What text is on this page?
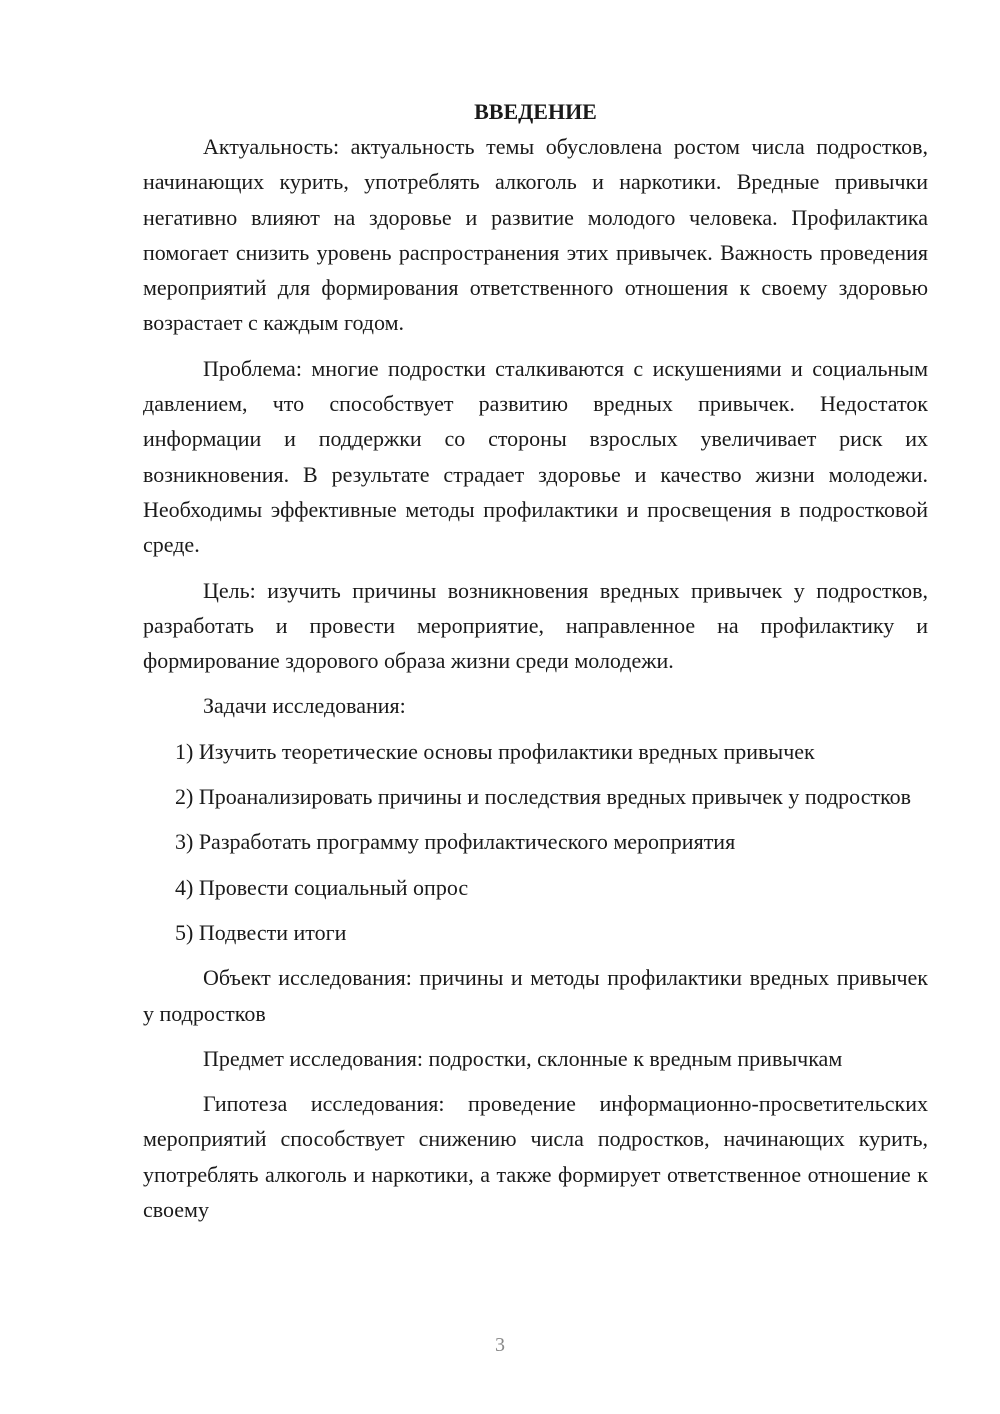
ВВЕДЕНИЕ

Актуальность: актуальность темы обусловлена ростом числа подростков, начинающих курить, употреблять алкоголь и наркотики. Вредные привычки негативно влияют на здоровье и развитие молодого человека. Профилактика помогает снизить уровень распространения этих привычек. Важность проведения мероприятий для формирования ответственного отношения к своему здоровью возрастает с каждым годом.

Проблема: многие подростки сталкиваются с искушениями и социальным давлением, что способствует развитию вредных привычек. Недостаток информации и поддержки со стороны взрослых увеличивает риск их возникновения. В результате страдает здоровье и качество жизни молодежи. Необходимы эффективные методы профилактики и просвещения в подростковой среде.

Цель: изучить причины возникновения вредных привычек у подростков, разработать и провести мероприятие, направленное на профилактику и формирование здорового образа жизни среди молодежи.

Задачи исследования:

1) Изучить теоретические основы профилактики вредных привычек

2) Проанализировать причины и последствия вредных привычек у подростков

3) Разработать программу профилактического мероприятия

4) Провести социальный опрос

5) Подвести итоги

Объект исследования: причины и методы профилактики вредных привычек у подростков

Предмет исследования: подростки, склонные к вредным привычкам

Гипотеза исследования: проведение информационно-просветительских мероприятий способствует снижению числа подростков, начинающих курить, употреблять алкоголь и наркотики, а также формирует ответственное отношение к своему

3
